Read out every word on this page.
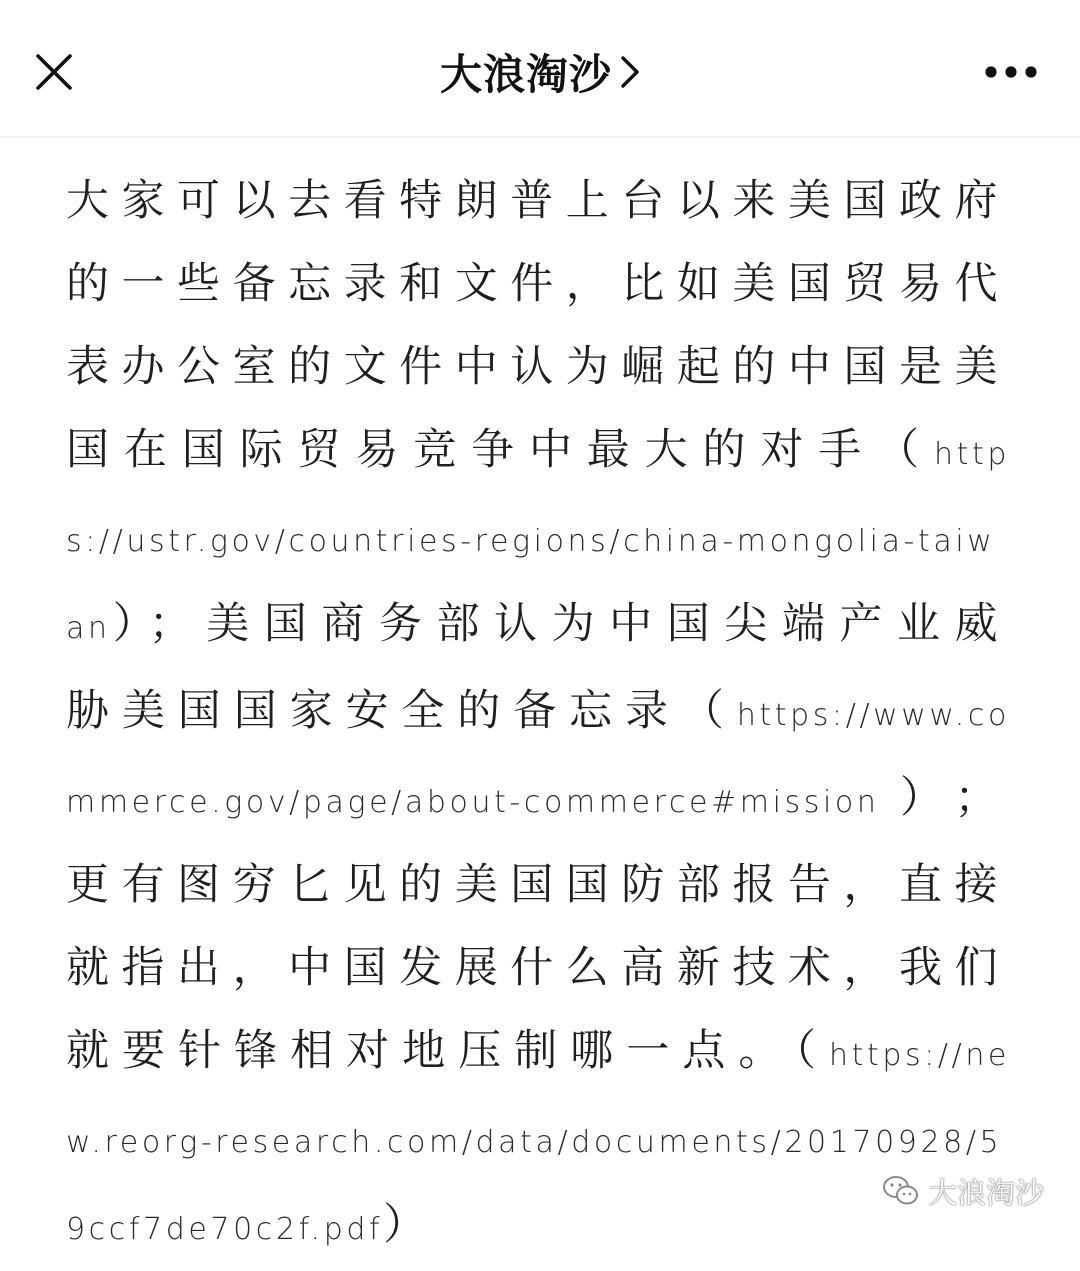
大浪淘沙

大家可以去看特朗普上台以来美国政府的一些备忘录和文件，比如美国贸易代表办公室的文件中认为崛起的中国是美国在国际贸易竞争中最大的对手（https://ustr.gov/countries-regions/china-mongolia-taiwan）；美国商务部认为中国尖端产业威胁美国国家安全的备忘录（https://www.commerce.gov/page/about-commerce#mission）；更有图穷匕见的美国国防部报告，直接就指出，中国发展什么高新技术，我们就要针锋相对地压制哪一点。（https://new.reorg-research.com/data/documents/20170928/59ccf7de70c2f.pdf）

大浪淘沙
